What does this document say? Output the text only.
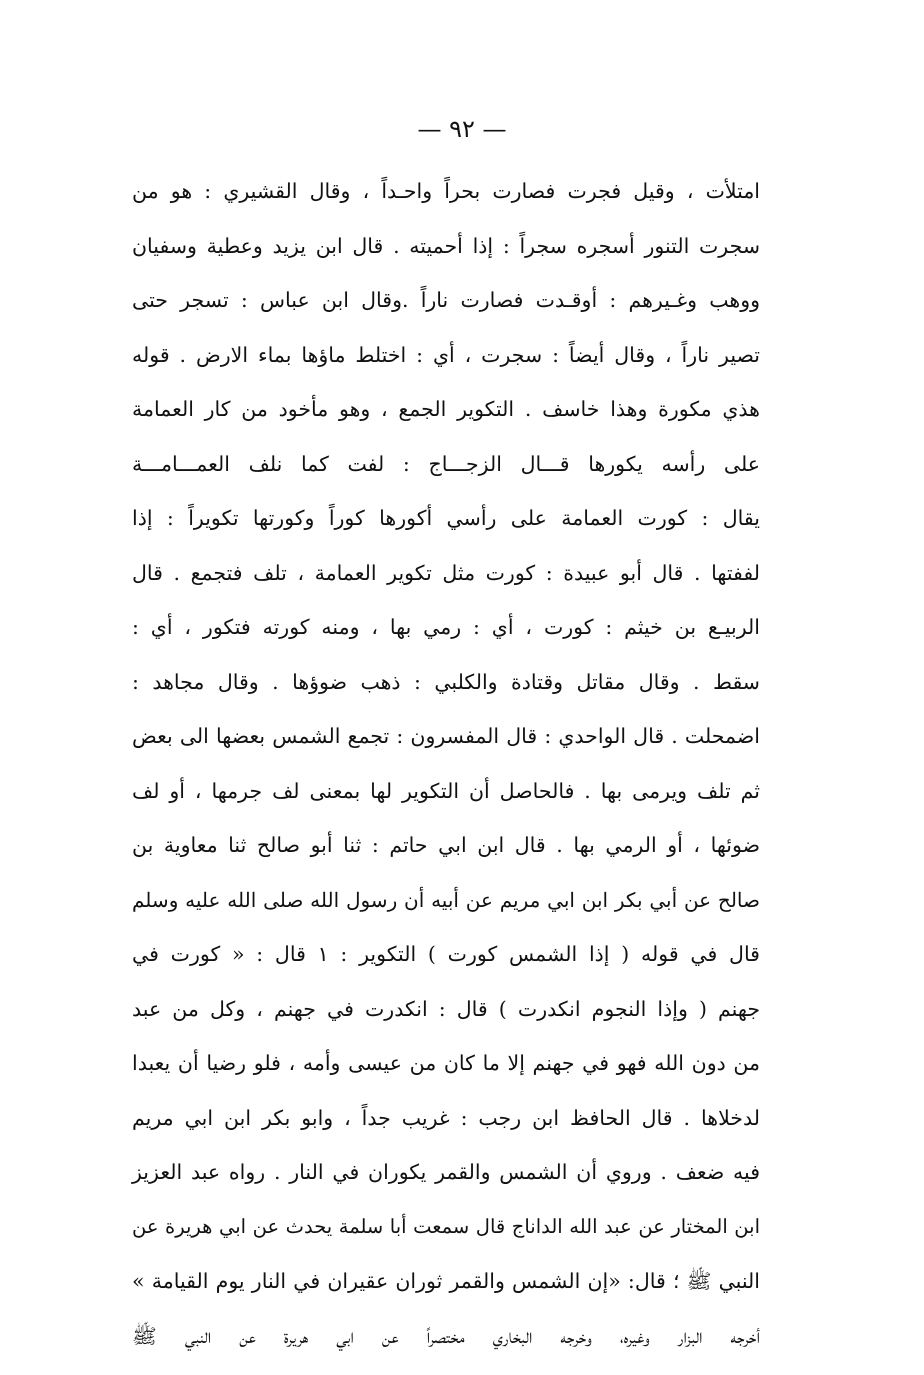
— ٩٢ —
امتلأت ، وقيل فجرت فصارت بحراً واحـداً ، وقال القشيري : هو من
سجرت التنور أسجره سجراً : إذا أحميته . قال ابن يزيد وعطية وسفيان
ووهب وغـيرهم : أوقـدت فصارت ناراً .وقال ابن عباس : تسجر حتى
تصير ناراً ، وقال أيضاً : سجرت ، أي : اختلط ماؤها بماء الارض . قوله
هذي مكورة وهذا خاسف . التكوير الجمع ، وهو مأخود من كار العمامة
على رأسه يكورها قـــال الزجـــاج : لفت كما نلف العمـــامـــة
يقال : كورت العمامة على رأسي أكورها كوراً وكورتها تكويراً : إذا
لففتها . قال أبو عبيدة : كورت مثل تكوير العمامة ، تلف فتجمع . قال
الربيـع بن خيثم : كورت ، أي : رمي بها ، ومنه كورته فتكور ، أي :
سقط . وقال مقاتل وقتادة والكلبي : ذهب ضوؤها . وقال مجاهد :
اضمحلت . قال الواحدي : قال المفسرون : تجمع الشمس بعضها الى بعض
ثم تلف ويرمى بها . فالحاصل أن التكوير لها بمعنى لف جرمها ، أو لف
ضوئها ، أو الرمي بها . قال ابن ابي حاتم : ثنا أبو صالح ثنا معاوية بن
صالح عن أبي بكر ابن ابي مريم عن أبيه أن رسول الله صلى الله عليه وسلم
قال في قوله ( إذا الشمس كورت ) التكوير : ١ قال : « كورت في
جهنم ( وإذا النجوم انكدرت ) قال : انكدرت في جهنم ، وكل من عبد
من دون الله فهو في جهنم إلا ما كان من عيسى وأمه ، فلو رضيا أن يعبدا
لدخلاها . قال الحافظ ابن رجب : غريب جداً ، وابو بكر ابن ابي مريم
فيه ضعف . وروي أن الشمس والقمر يكوران في النار . رواه عبد العزيز
ابن المختار عن عبد الله الداناج قال سمعت أبا سلمة يحدث عن ابي هريرة عن
النبي ﷺ ؛ قال: «إن الشمس والقمر ثوران عقيران في النار يوم القيامة »
أخرجه البزار وغيره، وخرجه البخاري مختصراً عن ابي هريرة عن النبي ﷺ
